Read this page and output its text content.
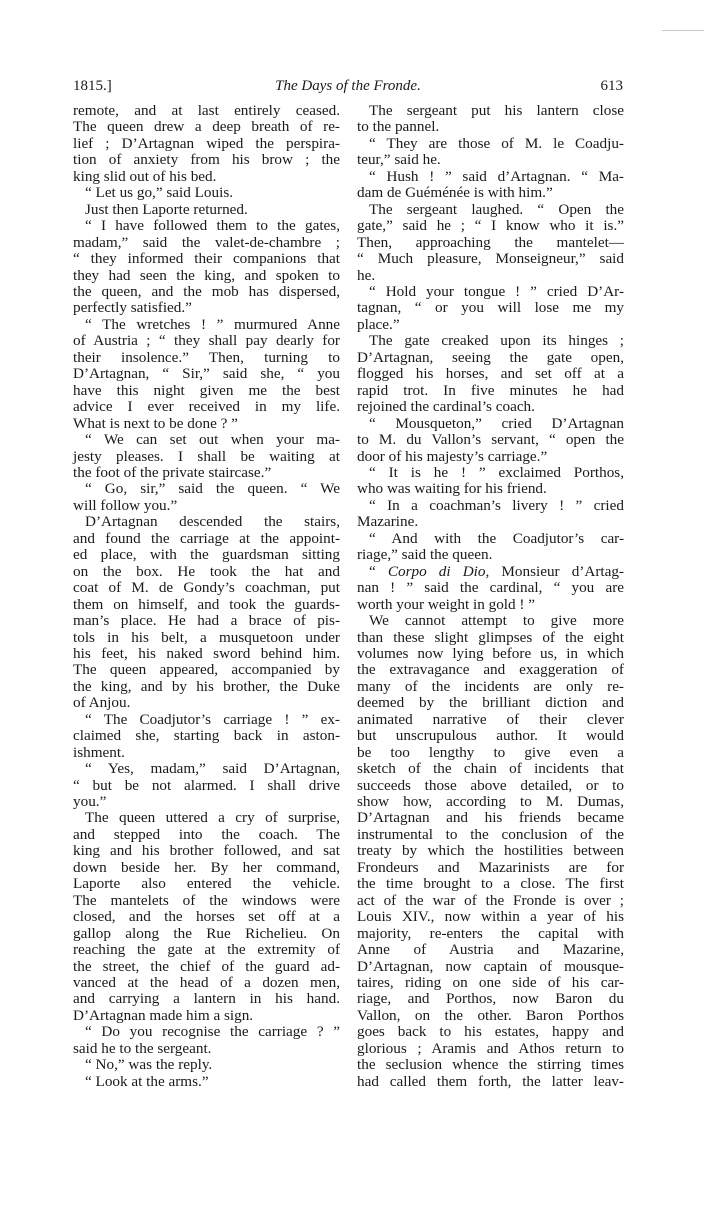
The Days of the Fronde.
1815.]	613
remote, and at last entirely ceased.
The queen drew a deep breath of re-
lief ; D’Artagnan wiped the perspira-
tion of anxiety from his brow ; the
king slid out of his bed.
“ Let us go,” said Louis.
Just then Laporte returned.
“ I have followed them to the gates,
madam,” said the valet-de-chambre ;
“ they informed their companions that
they had seen the king, and spoken to
the queen, and the mob has dispersed,
perfectly satisfied.”
“ The wretches ! ” murmured Anne
of Austria ; “ they shall pay dearly for
their insolence.” Then, turning to
D’Artagnan, “ Sir,” said she, “ you
have this night given me the best
advice I ever received in my life.
What is next to be done ? ”
“ We can set out when your ma-
jesty pleases. I shall be waiting at
the foot of the private staircase.”
“ Go, sir,” said the queen. “ We
will follow you.”
D’Artagnan descended the stairs,
and found the carriage at the appoint-
ed place, with the guardsman sitting
on the box. He took the hat and
coat of M. de Gondy’s coachman, put
them on himself, and took the guards-
man’s place. He had a brace of pis-
tols in his belt, a musquetoon under
his feet, his naked sword behind him.
The queen appeared, accompanied by
the king, and by his brother, the Duke
of Anjou.
“ The Coadjutor’s carriage ! ” ex-
claimed she, starting back in aston-
ishment.
“ Yes, madam,” said D’Artagnan,
“ but be not alarmed. I shall drive
you.”
The queen uttered a cry of surprise,
and stepped into the coach. The
king and his brother followed, and sat
down beside her. By her command,
Laporte also entered the vehicle.
The mantelets of the windows were
closed, and the horses set off at a
gallop along the Rue Richelieu. On
reaching the gate at the extremity of
the street, the chief of the guard ad-
vanced at the head of a dozen men,
and carrying a lantern in his hand.
D’Artagnan made him a sign.
“ Do you recognise the carriage ? ”
said he to the sergeant.
“ No,” was the reply.
“ Look at the arms.”
The sergeant put his lantern close
to the pannel.
“ They are those of M. le Coadju-
teur,” said he.
“ Hush ! ” said d’Artagnan. “ Ma-
dam de Guéménée is with him.”
The sergeant laughed. “ Open the
gate,” said he ; “ I know who it is.”
Then, approaching the mantelet—
“ Much pleasure, Monseigneur,” said
he.
“ Hold your tongue ! ” cried D’Ar-
tagnan, “ or you will lose me my
place.”
The gate creaked upon its hinges ;
D’Artagnan, seeing the gate open,
flogged his horses, and set off at a
rapid trot. In five minutes he had
rejoined the cardinal’s coach.
“ Mousqueton,” cried D’Artagnan
to M. du Vallon’s servant, “ open the
door of his majesty’s carriage.”
“ It is he ! ” exclaimed Porthos,
who was waiting for his friend.
“ In a coachman’s livery ! ” cried
Mazarine.
“ And with the Coadjutor’s car-
riage,” said the queen.
“ Corpo di Dio, Monsieur d’Artag-
nan ! ” said the cardinal, “ you are
worth your weight in gold ! ”
We cannot attempt to give more
than these slight glimpses of the eight
volumes now lying before us, in which
the extravagance and exaggeration of
many of the incidents are only re-
deemed by the brilliant diction and
animated narrative of their clever
but unscrupulous author. It would
be too lengthy to give even a
sketch of the chain of incidents that
succeeds those above detailed, or to
show how, according to M. Dumas,
D’Artagnan and his friends became
instrumental to the conclusion of the
treaty by which the hostilities between
Frondeurs and Mazarinists are for
the time brought to a close. The first
act of the war of the Fronde is over ;
Louis XIV., now within a year of his
majority, re-enters the capital with
Anne of Austria and Mazarine,
D’Artagnan, now captain of mousque-
taires, riding on one side of his car-
riage, and Porthos, now Baron du
Vallon, on the other. Baron Porthos
goes back to his estates, happy and
glorious ; Aramis and Athos return to
the seclusion whence the stirring times
had called them forth, the latter leav-
